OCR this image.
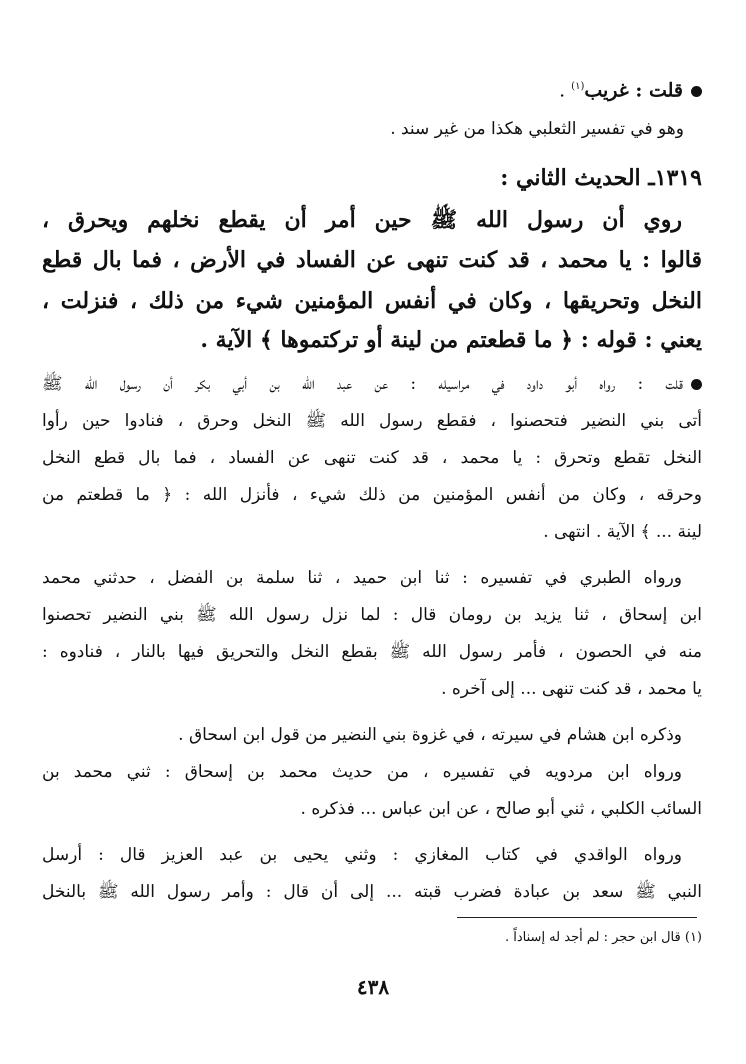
قلت : غريب$^{(١)}$ .
وهو في تفسير الثعلبي هكذا من غير سند .
١٣١٩ـ الحديث الثاني :
روي أن رسول الله ﷺ حين أمر أن يقطع نخلهم ويحرق ،
قالوا : يا محمد ، قد كنت تنهى عن الفساد في الأرض ، فما بال قطع
النخل وتحريقها ، وكان في أنفس المؤمنين شيء من ذلك ، فنزلت ،
يعني : قوله : ﴿ ما قطعتم من لينة أو تركتموها ﴾ الآية .
قلت : رواه أبو داود في مراسيله : عن عبد الله بن أبي بكر أن رسول الله ﷺ
أتى بني النضير فتحصنوا ، فقطع رسول الله ﷺ النخل وحرق ، فنادوا حين رأوا
النخل تقطع وتحرق : يا محمد ، قد كنت تنهى عن الفساد ، فما بال قطع النخل
وحرقه ، وكان من أنفس المؤمنين من ذلك شيء ، فأنزل الله : ﴿ ما قطعتم من
لينة ... ﴾ الآية . انتهى .
ورواه الطبري في تفسيره : ثنا ابن حميد ، ثنا سلمة بن الفضل ، حدثني محمد
ابن إسحاق ، ثنا يزيد بن رومان قال : لما نزل رسول الله ﷺ بني النضير تحصنوا
منه في الحصون ، فأمر رسول الله ﷺ بقطع النخل والتحريق فيها بالنار ، فنادوه :
يا محمد ، قد كنت تنهى ... إلى آخره .
وذكره ابن هشام في سيرته ، في غزوة بني النضير من قول ابن اسحاق .
ورواه ابن مردويه في تفسيره ، من حديث محمد بن إسحاق : ثني محمد بن
السائب الكلبي ، ثني أبو صالح ، عن ابن عباس ... فذكره .
ورواه الواقدي في كتاب المغازي : وثني يحيى بن عبد العزيز قال : أرسل
النبي ﷺ سعد بن عبادة فضرب قبته ... إلى أن قال : وأمر رسول الله ﷺ بالنخل
(١) قال ابن حجر : لم أجد له إسناداً .
٤٣٨
